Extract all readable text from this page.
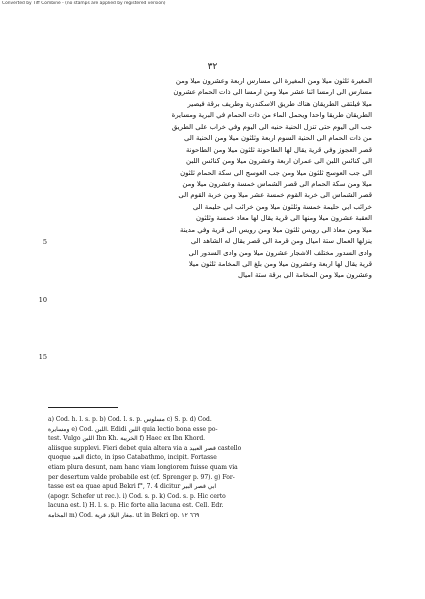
Converted by Tiff Combine - (no stamps are applied by registered version)
٣٢
المغيرة ثلثون ميلا ومن المغيرة الى مسارس اربعة وعشرون ميلا ومن
مسارس الى ارمسا اثنا عشر ميلا ومن ارمسا الى ذات الحمام عشرون
ميلا فيلتقى الطريقان هناك طريق الاسكندرية وطريف برقة فيصير
الطريقان طريقا واحدا ويحمل الماء من ذات الحمام في البرية ومسايرة
جب الى اليوم حتى تنزل الحنية حنيه الى اليوم وفي خراب على الطريق
من ذات الحمام الى الحنية السوم اربعة وثلثون ميلا ومن الحنية الى
قصر العجوز وفي قرية يقال لها الطاحونة ثلثون ميلا ومن الطاحونة
الى كنائس اللبن الى عمران اربعة وعشرون ميلا ومن كنائس اللبن
الى جب العوسج ثلثون ميلا ومن جب العوسج الى سكة الحمام ثلثون
ميلا ومن سكة الحمام الى قصر الشماس خمسة وعشرون ميلا ومن
قصر الشماس الى خربة القوم خمسة عشر ميلا ومن خربة القوم الى
خرائب ابي حليمة خمسة وثلثون ميلا ومن خرائب ابي حليمة الى
العقبة عشرون ميلا ومنها الى قرية يقال لها معاذ خمسة وثلثون
ميلا ومن معاذ الى رويس ثلثون ميلا ومن رويس الى قرية وفي مدينة
ينزلها العمال ستة اميال ومن قرمة الى قصر يقال له الشاهد الى
وادى السدور مختلف الاشجار عشرون ميلا ومن وادى السدور الى
قرية يقال لها اربعة وعشرون ميلا ومن بلغ الى المخامة ثلثون ميلا
وعشرون ميلا ومن المخامة الى برقة ستة اميال
5
10
15
a) Cod. h. l. s. p. b) Cod. l. s. p. مسلوس c) S. p. d) Cod.
ومسايرة e) Cod. اللبن. Edidi اللبن quia lectio bona esse po-
test. Vulgo اللبن Ibn Kh. الخريبة f) Haec ex Ibn Khord.
aliisque supplevi. Fieri debet quia altera via a قصر العبيد castello
quoque العبد dicto, in ipso Catabathmo, incipit. Fortasse
etiam plura desunt, nam hanc viam longiorem fuisse quam via
per desertum valde probabile est (cf. Sprenger p. 97). g) For-
tasse est ea quae apud Bekri f°, 7. 4 dicitur ابي قصر البير
(apogr. Schefer ut rec.). i) Cod. s. p. k) Cod. s. p. Hic certo
lacuna est. l) H. l. s. p. Hic forte alia lacuna est. Cell. Edr.
المخامة m) Cod. مغار البلاد قرية. ut in Bekri op. ٦٦٩ ١٢
